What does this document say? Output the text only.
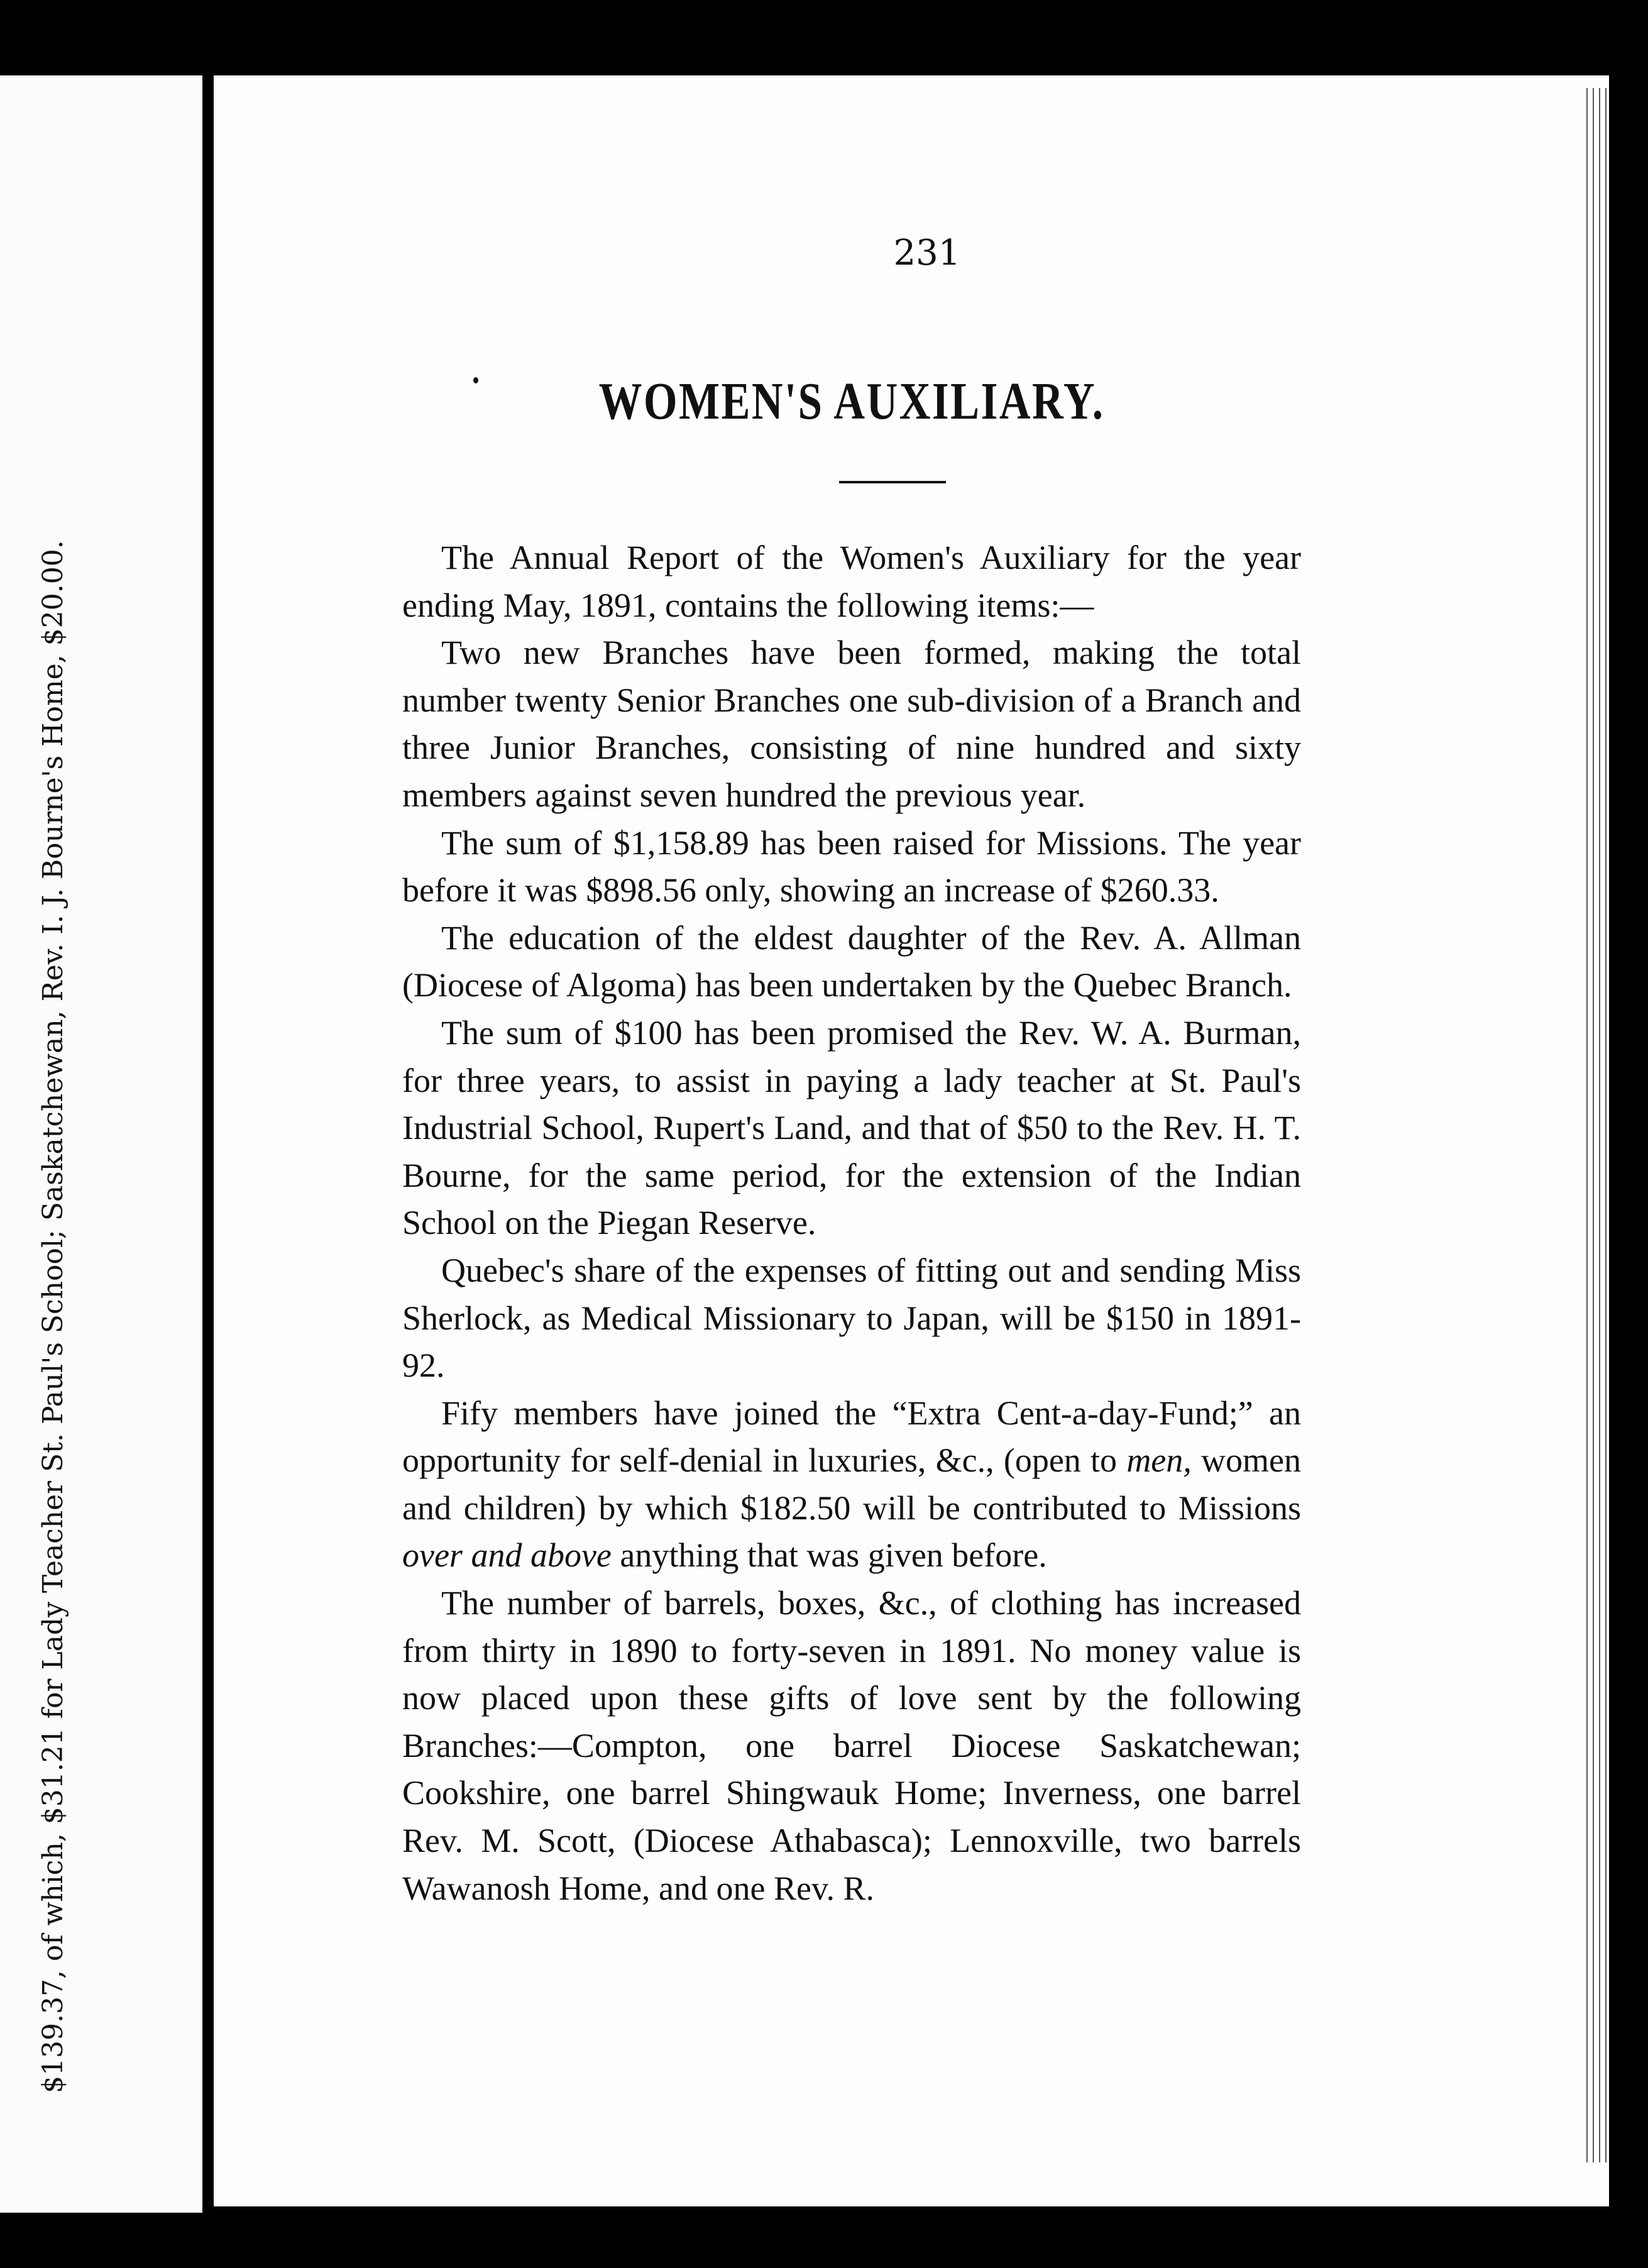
$139.37, of which, $31.21 for Lady Teacher St. Paul's School; Saskatchewan, Rev. I. J. Bourne's Home, $20.00.
231
WOMEN'S AUXILIARY.

The Annual Report of the Women's Auxiliary for the year ending May, 1891, contains the following items:—

Two new Branches have been formed, making the total number twenty Senior Branches one sub-division of a Branch and three Junior Branches, consisting of nine hundred and sixty members against seven hundred the previous year.

The sum of $1,158.89 has been raised for Missions. The year before it was $898.56 only, showing an increase of $260.33.

The education of the eldest daughter of the Rev. A. Allman (Diocese of Algoma) has been undertaken by the Quebec Branch.

The sum of $100 has been promised the Rev. W. A. Burman, for three years, to assist in paying a lady teacher at St. Paul's Industrial School, Rupert's Land, and that of $50 to the Rev. H. T. Bourne, for the same period, for the extension of the Indian School on the Piegan Reserve.

Quebec's share of the expenses of fitting out and sending Miss Sherlock, as Medical Missionary to Japan, will be $150 in 1891-92.

Fify members have joined the “Extra Cent-a-day-Fund;” an opportunity for self-denial in luxuries, &c., (open to men, women and children) by which $182.50 will be contributed to Missions over and above anything that was given before.

The number of barrels, boxes, &c., of clothing has increased from thirty in 1890 to forty-seven in 1891. No money value is now placed upon these gifts of love sent by the following Branches:—Compton, one barrel Diocese Saskatchewan; Cookshire, one barrel Shingwauk Home; Inverness, one barrel Rev. M. Scott, (Diocese Athabasca); Lennoxville, two barrels Wawanosh Home, and one Rev. R.
